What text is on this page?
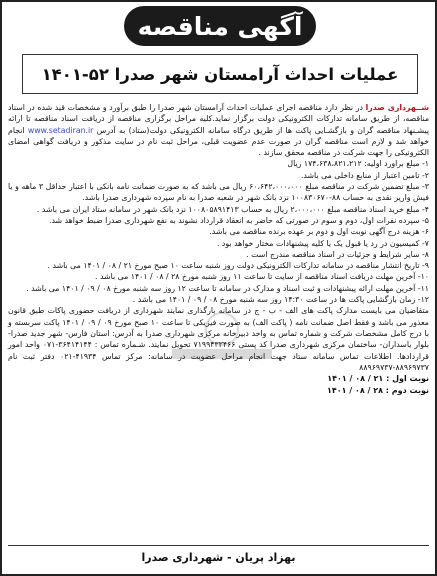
آگهی مناقصه
عملیات احداث آرامستان شهر صدرا ۵۲-۱۴۰۱

شــهرداری صدرا در نظر دارد مناقصه اجرای عملیات احداث آرامستان شهر صدرا را طبق برآورد و مشخصات قید شده در اسناد مناقصه، از طریق سامانه تدارکات الکترونیکی دولت برگزار نماید.کلیه مراحل برگزاری مناقصه از دریافت اسناد مناقصه تا ارائه پیشـنهاد مناقصه گران و بازگشـایی پاکت ها از طریق درگاه سامانه الکترونیکی دولت(ستاد) به آدرس www.setadiran.ir انجام خواهد شد و لازم است مناقصه گران در صورت عدم عضویت قبلی، مراحل ثبت نام در سایت مذکور و دریافت گواهی امضای الکترونیکی را جهت شرکت در مناقصه محقق سازند .

۱- مبلغ براورد اولیه: ۱۷۴،۶۳۸،۸۲۱،۲۱۲ ریال

۲- تامین اعتبار از منابع داخلی می باشد.

۳- مبلغ تضمین شرکت در مناقصه مبلغ ۶۰،۶۴۲،۰۰۰،۰۰۰ ریال می باشد که به صورت ضمانت نامه بانکی با اعتبار حداقل ۳ ماهه و یا فیش واریز نقدی به حساب ۸۸-۱۰۰۸۳۰۶۷۰ نزد بانک شهر در شعبه صدرا به نام سپرده شهرداری صدرا باشد.

۴- مبلغ خرید اسناد مناقصه مبلغ ۲،۰۰۰،۰۰۰ ریال به حساب ۱۰۰۸۰۵۸۹۱۴۱۳ نزد بانک شهر در سامانه ستاد ایران می باشد .

۵- سپرده نفرات اول، دوم و سوم در صورتی که حاضر به انعقاد قرارداد نشوند به نفع شهرداری صدرا ضبط خواهد شد.

۶- هزینه درج آگهی نوبت اول و دوم بر عهده برنده مناقصه می باشد.

۷- کمیسیون در رد یا قبول یک یا کلیه پیشنهادات مختار خواهد بود .

۸- سایر شرایط و جزئیات در اسناد مناقصه مندرج است .

۹- تاریخ انتشار مناقصه در سامانه تدارکات الکترونیکی دولت روز شنبه ساعت ۱۰ صبح مورخ ۲۱ / ۰۸ / ۱۴۰۱ می باشد .

۱۰- آخرین مهلت دریافت اسناد مناقصه از سایت تا ساعت ۱۱ روز شنبه مورخ ۲۸ / ۰۸ / ۱۴۰۱ می باشد .

۱۱- آخرین مهلت ارائه پیشنهادات و ثبت اسناد و مدارک در سامانه تا ساعت ۱۲ روز سه شنبه مورخ ۰۸ / ۰۹ / ۱۴۰۱ می باشد .

۱۲- زمان بازگشایی پاکت ها در ساعت ۱۴:۳۰ روز سه شنبه مورخ ۰۸ / ۰۹ / ۱۴۰۱ می باشد .

متقاضیان می بایست مدارک پاکت های الف - ب - ج در سامانه بارگذاری نمایند شهرداری از دریافت حضوری پاکات طبق قانون معذور می باشد و فقط اصل ضمانت نامه ( پاکت الف) به صورت فیزیکی تا ساعت ۱۰ صبح مورخ ۰۹ / ۰۹ / ۱۴۰۱ پاکت سربسته و با درج کامل مشخصات شرکت و شماره تماس به واحد دبیرخانه مرکزی شهرداری صدرا به آدرس: استان فارس- شهر جدید صدرا- بلوار یاسداران- ساختمان مرکزی شهرداری صدرا کد پستی ۷۱۹۹۴۳۳۴۶۶ تحویل نمایند. شـماره تماس : ۳۶۴۱۴۱۴۴-۰۷۱ واحد امور قراردادها. اطلاعات تماس سامانه ستاد جهت انجام مراحل عضویت در سامانه: مرکز تماس ۴۱۹۳۴-۰۲۱ دفتر ثبت نام ۸۸۹۶۹۷۳۷-۸۸۹۶۹۷۳۷

نوبت اول : ۲۱ / ۰۸ / ۱۴۰۱

نوبت دوم : ۲۸ / ۰۸ / ۱۴۰۱

بهزاد پریان - شهرداری صدرا
